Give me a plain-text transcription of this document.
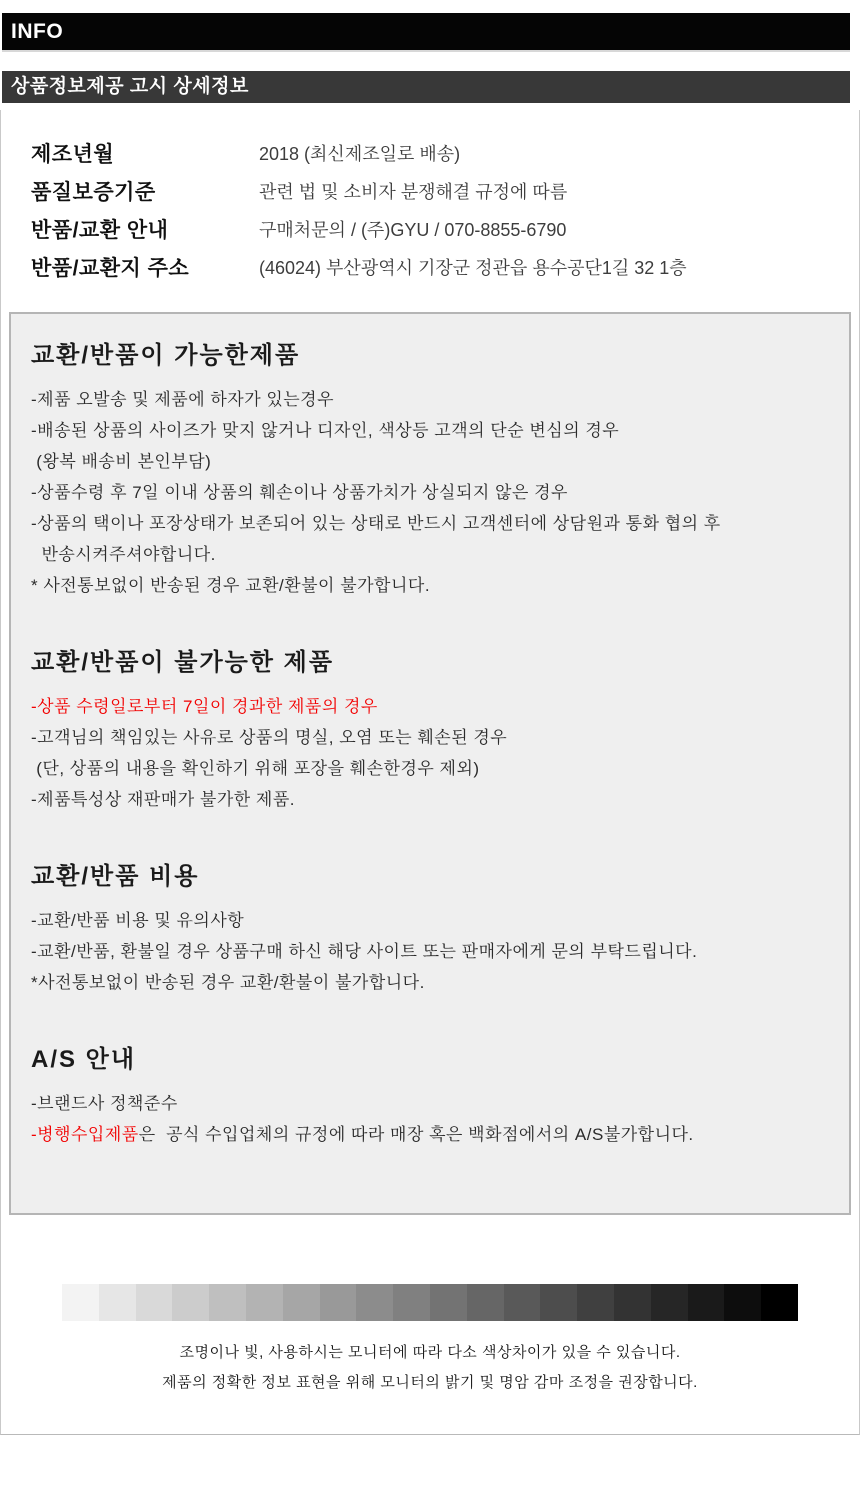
INFO
상품정보제공 고시 상세정보
제조년월	2018 (최신제조일로 배송)
품질보증기준	관련 법 및 소비자 분쟁해결 규정에 따름
반품/교환 안내	구매처문의 / (주)GYU / 070-8855-6790
반품/교환지 주소	(46024) 부산광역시 기장군 정관읍 용수공단1길 32 1층
교환/반품이 가능한제품

-제품 오발송 및 제품에 하자가 있는경우

-배송된 상품의 사이즈가 맞지 않거나 디자인, 색상등 고객의 단순 변심의 경우

(왕복 배송비 본인부담)

-상품수령 후 7일 이내 상품의 훼손이나 상품가치가 상실되지 않은 경우

-상품의 택이나 포장상태가 보존되어 있는 상태로 반드시 고객센터에 상담원과 통화 협의 후

반송시켜주셔야합니다.

* 사전통보없이 반송된 경우 교환/환불이 불가합니다.

교환/반품이 불가능한 제품

-상품 수령일로부터 7일이 경과한 제품의 경우

-고객님의 책임있는 사유로 상품의 명실, 오염 또는 훼손된 경우

(단, 상품의 내용을 확인하기 위해 포장을 훼손한경우 제외)

-제품특성상 재판매가 불가한 제품.

교환/반품 비용

-교환/반품 비용 및 유의사항

-교환/반품, 환불일 경우 상품구매 하신 해당 사이트 또는 판매자에게 문의 부탁드립니다.

*사전통보없이 반송된 경우 교환/환불이 불가합니다.

A/S 안내

-브랜드사 정책준수

-병행수입제품은  공식 수입업체의 규정에 따라 매장 혹은 백화점에서의 A/S불가합니다.

조명이나 빛, 사용하시는 모니터에 따라 다소 색상차이가 있을 수 있습니다.

제품의 정확한 정보 표현을 위해 모니터의 밝기 및 명암 감마 조정을 권장합니다.
